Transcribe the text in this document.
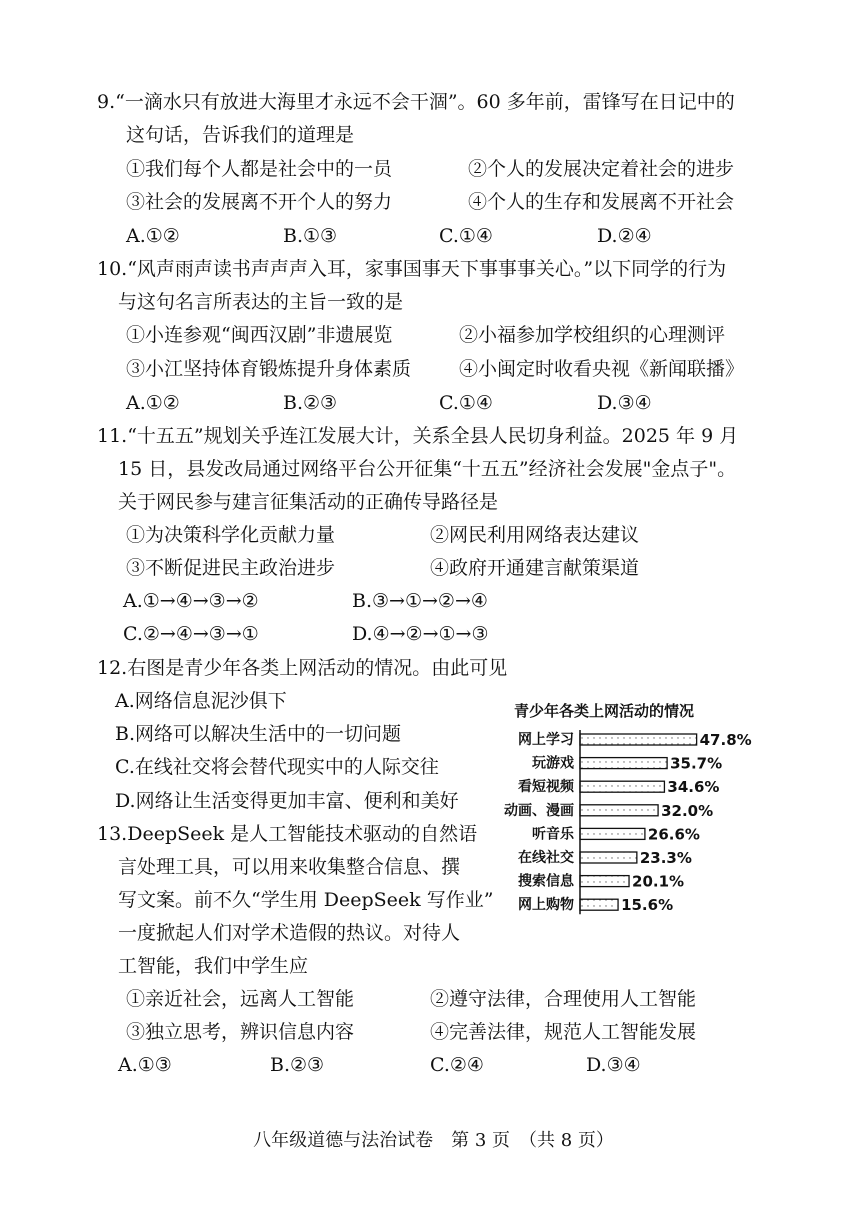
9.“一滴水只有放进大海里才永远不会干涸”。60 多年前，雷锋写在日记中的
这句话，告诉我们的道理是
①我们每个人都是社会中的一员	②个人的发展决定着社会的进步
③社会的发展离不开个人的努力	④个人的生存和发展离不开社会
A.①②	B.①③	C.①④	D.②④
10.“风声雨声读书声声声入耳，家事国事天下事事事关心。”以下同学的行为
与这句名言所表达的主旨一致的是
①小连参观“闽西汉剧”非遗展览	②小福参加学校组织的心理测评
③小江坚持体育锻炼提升身体素质	④小闽定时收看央视《新闻联播》
A.①②	B.②③	C.①④	D.③④
11.“十五五”规划关乎连江发展大计，关系全县人民切身利益。2025 年 9 月
15 日，县发改局通过网络平台公开征集“十五五”经济社会发展"金点子"。
关于网民参与建言征集活动的正确传导路径是
①为决策科学化贡献力量	②网民利用网络表达建议
③不断促进民主政治进步	④政府开通建言献策渠道
A.①→④→③→②	B.③→①→②→④
C.②→④→③→①	D.④→②→①→③
12.右图是青少年各类上网活动的情况。由此可见
A.网络信息泥沙俱下
B.网络可以解决生活中的一切问题
C.在线社交将会替代现实中的人际交往
D.网络让生活变得更加丰富、便利和美好
青少年各类上网活动的情况
网上学习	47.8%
玩游戏	35.7%
看短视频	34.6%
动画、漫画	32.0%
听音乐	26.6%
在线社交	23.3%
搜索信息	20.1%
网上购物	15.6%
13.DeepSeek 是人工智能技术驱动的自然语
言处理工具，可以用来收集整合信息、撰
写文案。前不久“学生用 DeepSeek 写作业”
一度掀起人们对学术造假的热议。对待人
工智能，我们中学生应
①亲近社会，远离人工智能	②遵守法律，合理使用人工智能
③独立思考，辨识信息内容	④完善法律，规范人工智能发展
A.①③	B.②③	C.②④	D.③④
八年级道德与法治试卷　第 3 页　（共 8 页）
